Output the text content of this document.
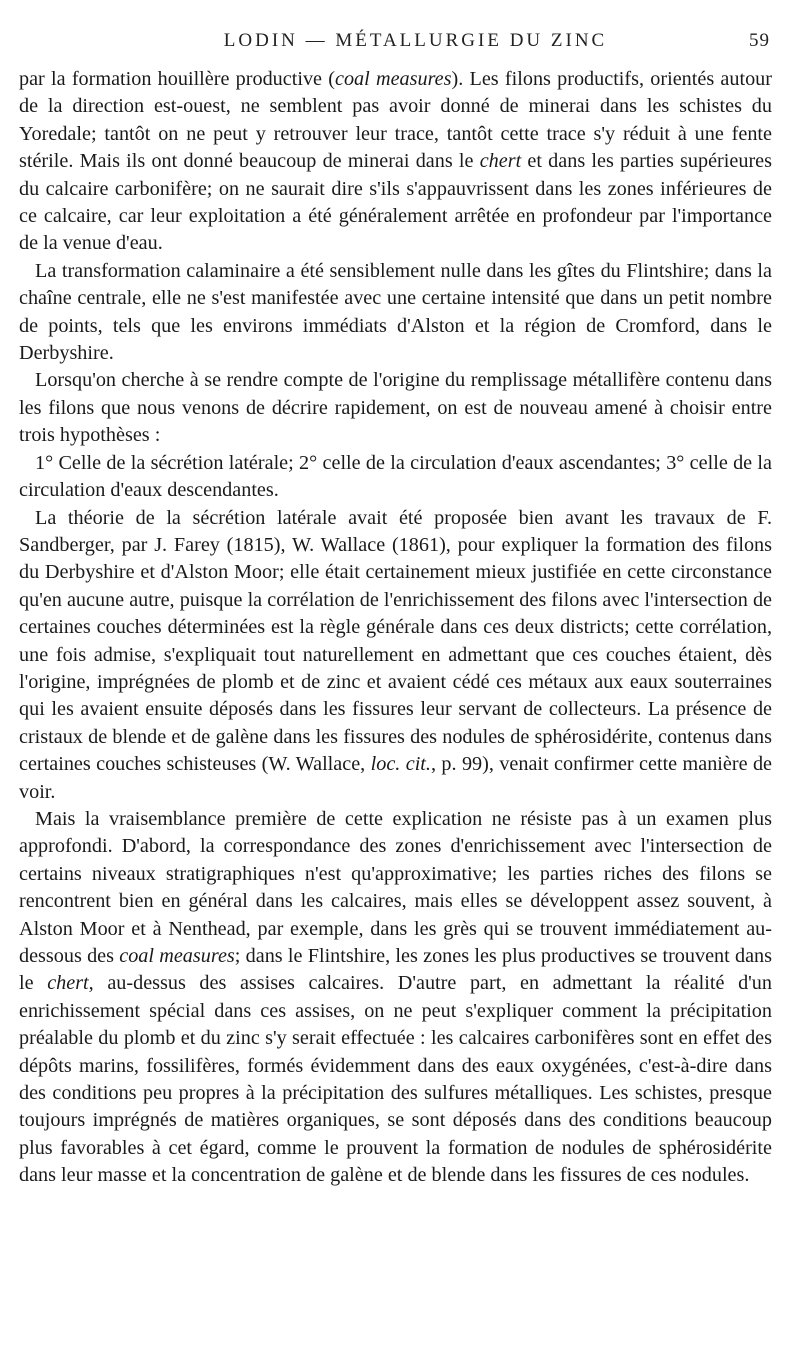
LODIN — MÉTALLURGIE DU ZINC	59

par la formation houillère productive (coal measures). Les filons productifs, orientés autour de la direction est-ouest, ne semblent pas avoir donné de minerai dans les schistes du Yoredale; tantôt on ne peut y retrouver leur trace, tantôt cette trace s'y réduit à une fente stérile. Mais ils ont donné beaucoup de minerai dans le chert et dans les parties supérieures du calcaire carbonifère; on ne saurait dire s'ils s'appauvrissent dans les zones inférieures de ce calcaire, car leur exploitation a été généralement arrêtée en profondeur par l'importance de la venue d'eau.

La transformation calaminaire a été sensiblement nulle dans les gîtes du Flintshire; dans la chaîne centrale, elle ne s'est manifestée avec une certaine intensité que dans un petit nombre de points, tels que les environs immédiats d'Alston et la région de Cromford, dans le Derbyshire.

Lorsqu'on cherche à se rendre compte de l'origine du remplissage métallifère contenu dans les filons que nous venons de décrire rapidement, on est de nouveau amené à choisir entre trois hypothèses :

1° Celle de la sécrétion latérale; 2° celle de la circulation d'eaux ascendantes; 3° celle de la circulation d'eaux descendantes.

La théorie de la sécrétion latérale avait été proposée bien avant les travaux de F. Sandberger, par J. Farey (1815), W. Wallace (1861), pour expliquer la formation des filons du Derbyshire et d'Alston Moor; elle était certainement mieux justifiée en cette circonstance qu'en aucune autre, puisque la corrélation de l'enrichissement des filons avec l'intersection de certaines couches déterminées est la règle générale dans ces deux districts; cette corrélation, une fois admise, s'expliquait tout naturellement en admettant que ces couches étaient, dès l'origine, imprégnées de plomb et de zinc et avaient cédé ces métaux aux eaux souterraines qui les avaient ensuite déposés dans les fissures leur servant de collecteurs. La présence de cristaux de blende et de galène dans les fissures des nodules de sphérosidérite, contenus dans certaines couches schisteuses (W. Wallace, loc. cit., p. 99), venait confirmer cette manière de voir.

Mais la vraisemblance première de cette explication ne résiste pas à un examen plus approfondi. D'abord, la correspondance des zones d'enrichissement avec l'intersection de certains niveaux stratigraphiques n'est qu'approximative; les parties riches des filons se rencontrent bien en général dans les calcaires, mais elles se développent assez souvent, à Alston Moor et à Nenthead, par exemple, dans les grès qui se trouvent immédiatement au-dessous des coal measures; dans le Flintshire, les zones les plus productives se trouvent dans le chert, au-dessus des assises calcaires. D'autre part, en admettant la réalité d'un enrichissement spécial dans ces assises, on ne peut s'expliquer comment la précipitation préalable du plomb et du zinc s'y serait effectuée : les calcaires carbonifères sont en effet des dépôts marins, fossilifères, formés évidemment dans des eaux oxygénées, c'est-à-dire dans des conditions peu propres à la précipitation des sulfures métalliques. Les schistes, presque toujours imprégnés de matières organiques, se sont déposés dans des conditions beaucoup plus favorables à cet égard, comme le prouvent la formation de nodules de sphérosidérite dans leur masse et la concentration de galène et de blende dans les fissures de ces nodules.
